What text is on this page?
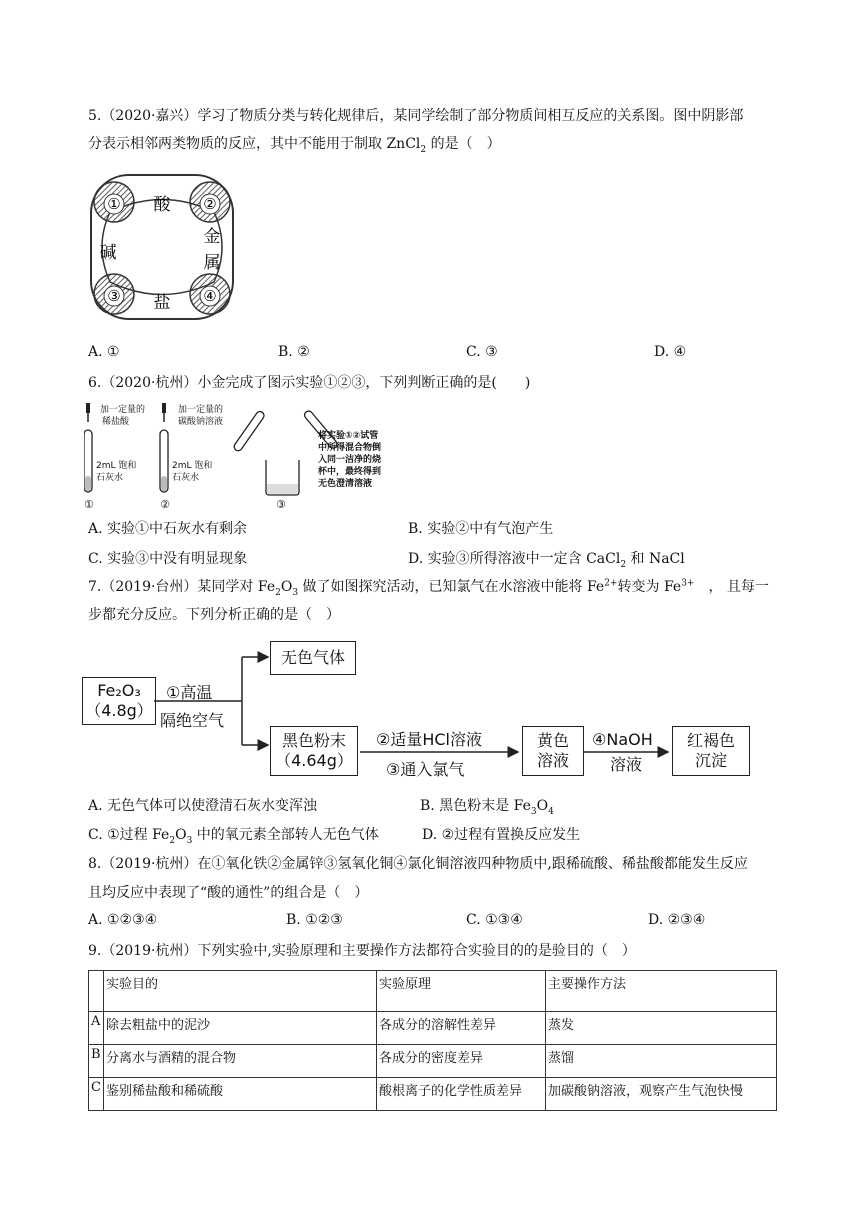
5.（2020·嘉兴）学习了物质分类与转化规律后，某同学绘制了部分物质间相互反应的关系图。图中阴影部
分表示相邻两类物质的反应，其中不能用于制取 ZnCl$_2$ 的是（　）
①	②
③	④
酸
金
属
碱
盐
A. ①	B. ②	C. ③	D. ④
6.（2020·杭州）小金完成了图示实验①②③，下列判断正确的是(　　)
加一定量的
稀盐酸
2mL 饱和
石灰水
①
加一定量的
碳酸钠溶液
2mL 饱和
石灰水
②	③
将实验①②试管
中所得混合物倒
入同一洁净的烧
杯中，最终得到
无色澄清溶液
A. 实验①中石灰水有剩余	B. 实验②中有气泡产生
C. 实验③中没有明显现象	D. 实验③所得溶液中一定含 CaCl$_2$ 和 NaCl
7.（2019·台州）某同学对 $Fe_2O_3$ 做了如图探究活动，已知氯气在水溶液中能将 $Fe^{2+}$转变为 $Fe^{3+}$　， 且每一
步都充分反应。下列分析正确的是（　）
Fe₂O₃
（4.8g）
①高温
隔绝空气
无色气体
黑色粉末
（4.64g）
②适量HCl溶液
③通入氯气
黄色
溶液
④NaOH
溶液
红褐色
沉淀
A. 无色气体可以使澄清石灰水变浑浊	B. 黑色粉末是 $Fe_3O_4$
C. ①过程 $Fe_2O_3$ 中的氧元素全部转人无色气体	D. ②过程有置换反应发生
8.（2019·杭州）在①氧化铁②金属锌③氢氧化铜④氯化铜溶液四种物质中,跟稀硫酸、稀盐酸都能发生反应
且均反应中表现了“酸的通性”的组合是（　）
A. ①②③④	B. ①②③	C. ①③④	D. ②③④
9.（2019·杭州）下列实验中,实验原理和主要操作方法都符合实验目的的是验目的（　）
	实验目的	实验原理	主要操作方法
A	除去粗盐中的泥沙	各成分的溶解性差异	蒸发
B	分离水与酒精的混合物	各成分的密度差异	蒸馏
C	鉴别稀盐酸和稀硫酸	酸根离子的化学性质差异	加碳酸钠溶液，观察产生气泡快慢
